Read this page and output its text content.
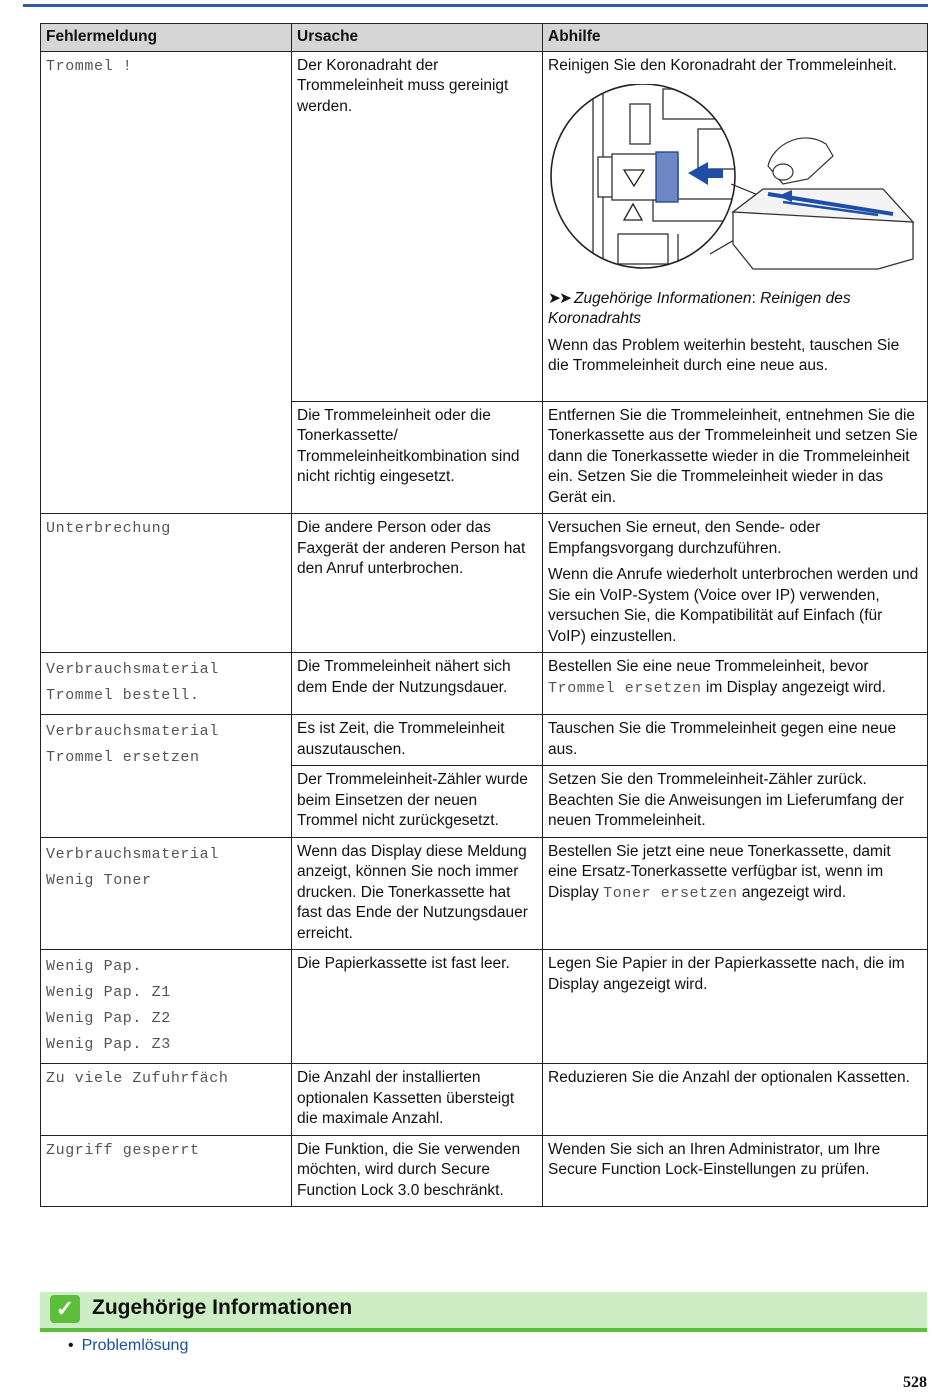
Fehlermeldung	Ursache	Abhilfe
Trommel !	Der Koronadraht der Trommeleinheit muss gereinigt werden.	Reinigen Sie den Koronadraht der Trommeleinheit.
➤➤ Zugehörige Informationen: Reinigen des Koronadrahts
Wenn das Problem weiterhin besteht, tauschen Sie die Trommeleinheit durch eine neue aus.

	Die Trommeleinheit oder die Tonerkassette/ Trommeleinheitkombination sind nicht richtig eingesetzt.	Entfernen Sie die Trommeleinheit, entnehmen Sie die Tonerkassette aus der Trommeleinheit und setzen Sie dann die Tonerkassette wieder in die Trommeleinheit ein. Setzen Sie die Trommeleinheit wieder in das Gerät ein.
Unterbrechung	Die andere Person oder das Faxgerät der anderen Person hat den Anruf unterbrochen.	Versuchen Sie erneut, den Sende- oder Empfangsvorgang durchzuführen.
Wenn die Anrufe wiederholt unterbrochen werden und Sie ein VoIP-System (Voice over IP) verwenden, versuchen Sie, die Kompatibilität auf Einfach (für VoIP) einzustellen.

Verbrauchsmaterial
Trommel bestell.	Die Trommeleinheit nähert sich dem Ende der Nutzungsdauer.	Bestellen Sie eine neue Trommeleinheit, bevor Trommel ersetzen im Display angezeigt wird.

Verbrauchsmaterial
Trommel ersetzen	Es ist Zeit, die Trommeleinheit auszutauschen.	Tauschen Sie die Trommeleinheit gegen eine neue aus.
	Der Trommeleinheit-Zähler wurde beim Einsetzen der neuen Trommel nicht zurückgesetzt.	Setzen Sie den Trommeleinheit-Zähler zurück. Beachten Sie die Anweisungen im Lieferumfang der neuen Trommeleinheit.

Verbrauchsmaterial
Wenig Toner	Wenn das Display diese Meldung anzeigt, können Sie noch immer drucken. Die Tonerkassette hat fast das Ende der Nutzungsdauer erreicht.	Bestellen Sie jetzt eine neue Tonerkassette, damit eine Ersatz-Tonerkassette verfügbar ist, wenn im Display Toner ersetzen angezeigt wird.

Wenig Pap.
Wenig Pap. Z1
Wenig Pap. Z2
Wenig Pap. Z3	Die Papierkassette ist fast leer.	Legen Sie Papier in der Papierkassette nach, die im Display angezeigt wird.
Zu viele Zufuhrfäch	Die Anzahl der installierten optionalen Kassetten übersteigt die maximale Anzahl.	Reduzieren Sie die Anzahl der optionalen Kassetten.
Zugriff gesperrt	Die Funktion, die Sie verwenden möchten, wird durch Secure Function Lock 3.0 beschränkt.	Wenden Sie sich an Ihren Administrator, um Ihre Secure Function Lock-Einstellungen zu prüfen.
✓ Zugehörige Informationen
• Problemlösung
528
